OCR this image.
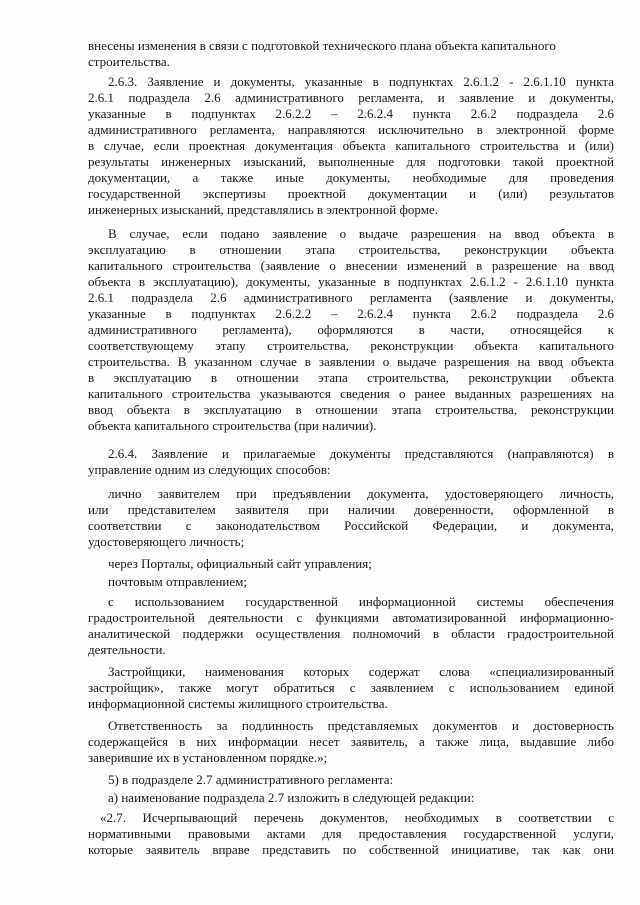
внесены изменения в связи с подготовкой технического плана объекта капитального
строительства.
2.6.3. Заявление и документы, указанные в подпунктах 2.6.1.2 - 2.6.1.10 пункта
2.6.1 подраздела 2.6 административного регламента, и заявление и документы,
указанные в подпунктах 2.6.2.2 – 2.6.2.4 пункта 2.6.2 подраздела 2.6
административного регламента, направляются исключительно в электронной форме
в случае, если проектная документация объекта капитального строительства и (или)
результаты инженерных изысканий, выполненные для подготовки такой проектной
документации, а также иные документы, необходимые для проведения
государственной экспертизы проектной документации и (или) результатов
инженерных изысканий, представлялись в электронной форме.
В случае, если подано заявление о выдаче разрешения на ввод объекта в
эксплуатацию в отношении этапа строительства, реконструкции объекта
капитального строительства (заявление о внесении изменений в разрешение на ввод
объекта в эксплуатацию), документы, указанные в подпунктах 2.6.1.2 - 2.6.1.10 пункта
2.6.1 подраздела 2.6 административного регламента (заявление и документы,
указанные в подпунктах 2.6.2.2 – 2.6.2.4 пункта 2.6.2 подраздела 2.6
административного регламента), оформляются в части, относящейся к
соответствующему этапу строительства, реконструкции объекта капитального
строительства. В указанном случае в заявлении о выдаче разрешения на ввод объекта
в эксплуатацию в отношении этапа строительства, реконструкции объекта
капитального строительства указываются сведения о ранее выданных разрешениях на
ввод объекта в эксплуатацию в отношении этапа строительства, реконструкции
объекта капитального строительства (при наличии).
2.6.4. Заявление и прилагаемые документы представляются (направляются) в
управление одним из следующих способов:
лично заявителем при предъявлении документа, удостоверяющего личность,
или представителем заявителя при наличии доверенности, оформленной в
соответствии с законодательством Российской Федерации, и документа,
удостоверяющего личность;
через Порталы, официальный сайт управления;
почтовым отправлением;
с использованием государственной информационной системы обеспечения
градостроительной деятельности с функциями автоматизированной информационно-
аналитической поддержки осуществления полномочий в области градостроительной
деятельности.
Застройщики, наименования которых содержат слова «специализированный
застройщик», также могут обратиться с заявлением с использованием единой
информационной системы жилищного строительства.
Ответственность за подлинность представляемых документов и достоверность
содержащейся в них информации несет заявитель, а также лица, выдавшие либо
заверившие их в установленном порядке.»;
5) в подразделе 2.7 административного регламента:
а) наименование подраздела 2.7 изложить в следующей редакции:
«2.7. Исчерпывающий перечень документов, необходимых в соответствии с
нормативными правовыми актами для предоставления государственной услуги,
которые заявитель вправе представить по собственной инициативе, так как они
